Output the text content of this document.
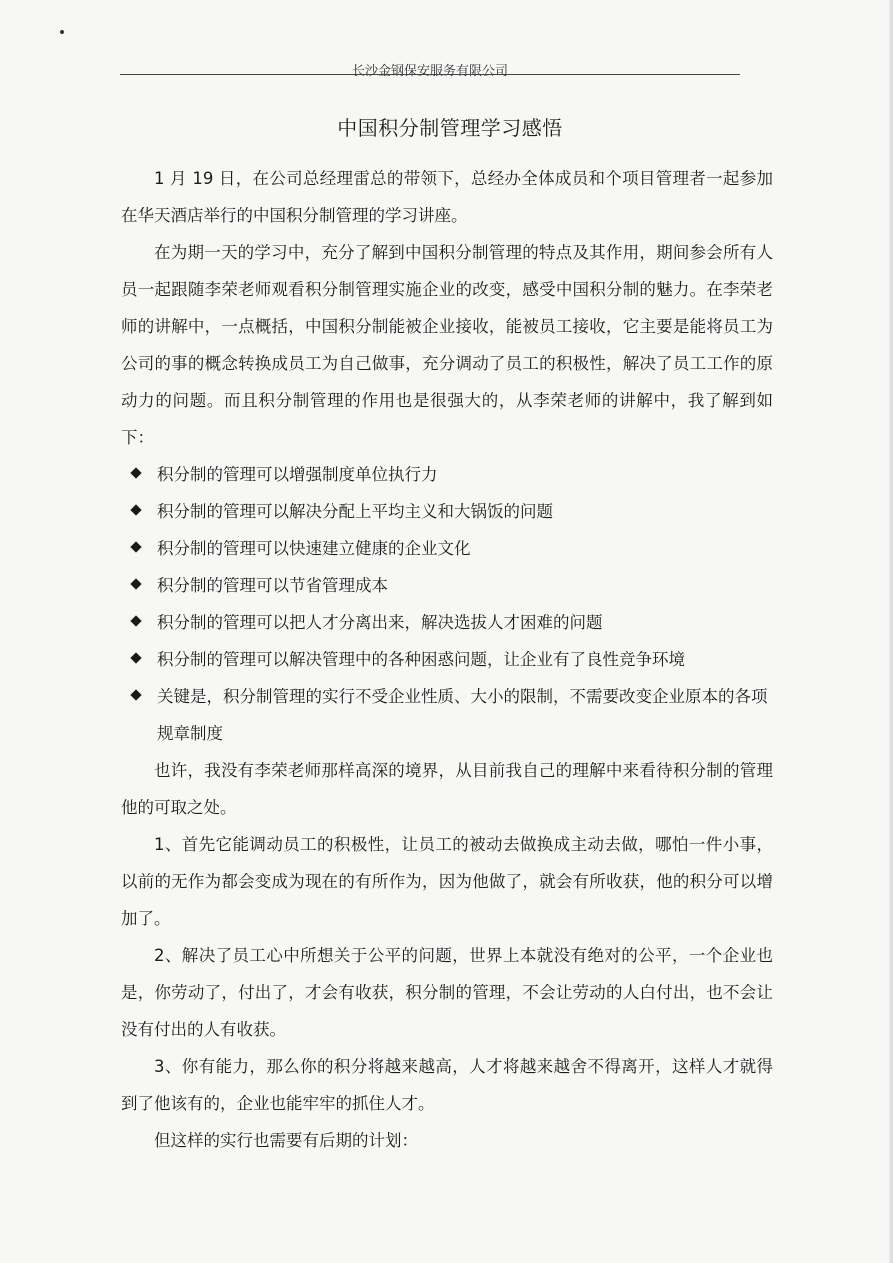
长沙金钢保安服务有限公司
中国积分制管理学习感悟

1 月 19 日，在公司总经理雷总的带领下，总经办全体成员和个项目管理者一起参加在华天酒店举行的中国积分制管理的学习讲座。

在为期一天的学习中，充分了解到中国积分制管理的特点及其作用，期间参会所有人员一起跟随李荣老师观看积分制管理实施企业的改变，感受中国积分制的魅力。在李荣老师的讲解中，一点概括，中国积分制能被企业接收，能被员工接收，它主要是能将员工为公司的事的概念转换成员工为自己做事，充分调动了员工的积极性，解决了员工工作的原动力的问题。而且积分制管理的作用也是很强大的，从李荣老师的讲解中，我了解到如下：

积分制的管理可以增强制度单位执行力
积分制的管理可以解决分配上平均主义和大锅饭的问题
积分制的管理可以快速建立健康的企业文化
积分制的管理可以节省管理成本
积分制的管理可以把人才分离出来，解决选拔人才困难的问题
积分制的管理可以解决管理中的各种困惑问题，让企业有了良性竞争环境
关键是，积分制管理的实行不受企业性质、大小的限制，不需要改变企业原本的各项规章制度

也许，我没有李荣老师那样高深的境界，从目前我自己的理解中来看待积分制的管理他的可取之处。

1、首先它能调动员工的积极性，让员工的被动去做换成主动去做，哪怕一件小事，以前的无作为都会变成为现在的有所作为，因为他做了，就会有所收获，他的积分可以增加了。

2、解决了员工心中所想关于公平的问题，世界上本就没有绝对的公平，一个企业也是，你劳动了，付出了，才会有收获，积分制的管理，不会让劳动的人白付出，也不会让没有付出的人有收获。

3、你有能力，那么你的积分将越来越高，人才将越来越舍不得离开，这样人才就得到了他该有的，企业也能牢牢的抓住人才。

但这样的实行也需要有后期的计划：
